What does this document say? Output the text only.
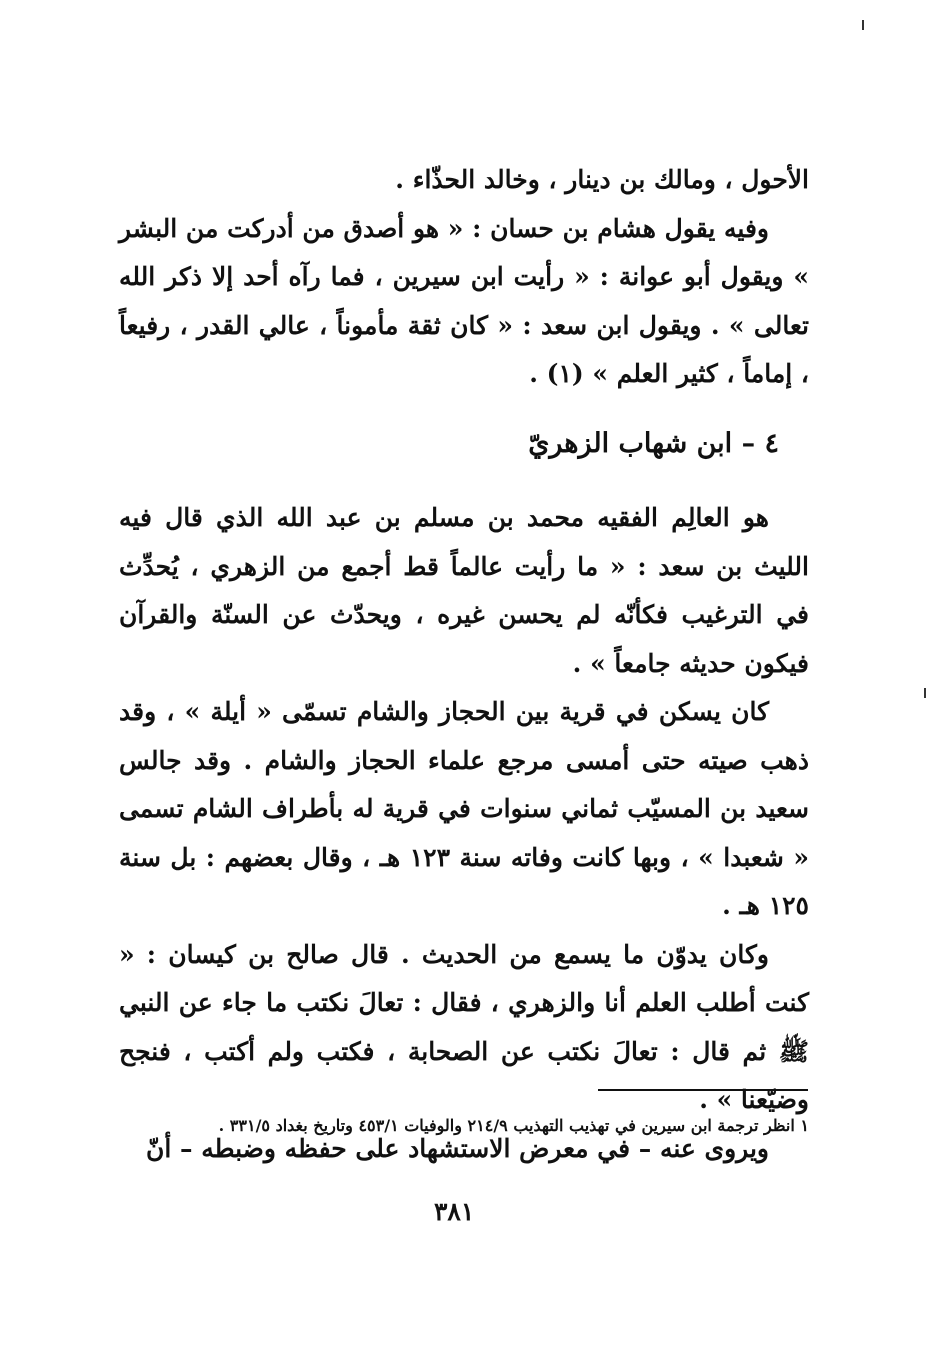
الأحول ، ومالك بن دينار ، وخالد الحذّاء .

وفيه يقول هشام بن حسان : « هو أصدق من أدركت من البشر » ويقول أبو عوانة : « رأيت ابن سيرين ، فما رآه أحد إلا ذكر الله تعالى » . ويقول ابن سعد : « كان ثقة مأموناً ، عالي القدر ، رفيعاً ، إماماً ، كثير العلم » (١) .

٤ – ابن شهاب الزهريّ

هو العالِم الفقيه محمد بن مسلم بن عبد الله الذي قال فيه الليث بن سعد : « ما رأيت عالماً قط أجمع من الزهري ، يُحدِّث في الترغيب فكأنّه لم يحسن غيره ، ويحدّث عن السنّة والقرآن فيكون حديثه جامعاً » .

كان يسكن في قرية بين الحجاز والشام تسمّى « أيلة » ، وقد ذهب صيته حتى أمسى مرجع علماء الحجاز والشام . وقد جالس سعيد بن المسيّب ثماني سنوات في قرية له بأطراف الشام تسمى « شعبدا » ، وبها كانت وفاته سنة ١٢٣ هـ ، وقال بعضهم : بل سنة ١٢٥ هـ .

وكان يدوّن ما يسمع من الحديث . قال صالح بن كيسان : « كنت أطلب العلم أنا والزهري ، فقال : تعالَ نكتب ما جاء عن النبي ﷺ ثم قال : تعالَ نكتب عن الصحابة ، فكتب ولم أكتب ، فنجح وضيّعنا » .

ويروى عنه – في معرض الاستشهاد على حفظه وضبطه – أنّ

١ انظر ترجمة ابن سيرين في تهذيب التهذيب ٢١٤/٩ والوفيات ٤٥٣/١ وتاريخ بغداد ٣٣١/٥ .
٣٨١
